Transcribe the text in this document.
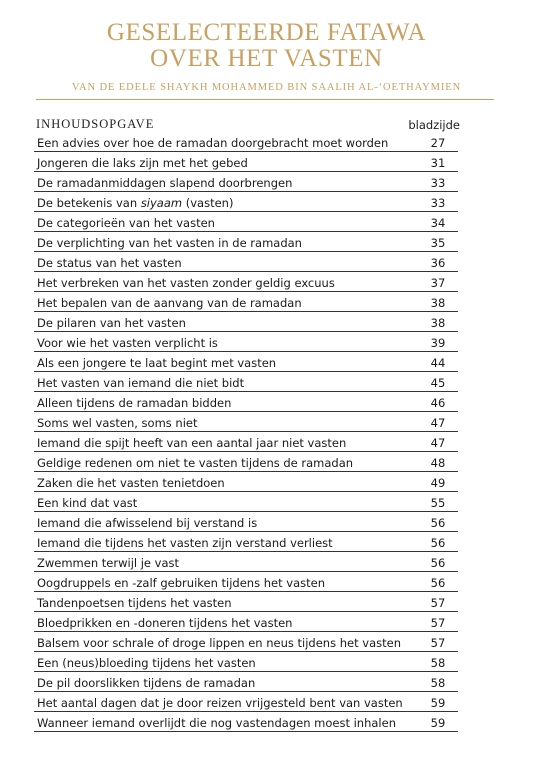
GESELECTEERDE FATAWA
OVER HET VASTEN
VAN DE EDELE SHAYKH MOHAMMED BIN SAALIH AL-‘OETHAYMIEN
INHOUDSOPGAVE	bladzijde
Een advies over hoe de ramadan doorgebracht moet worden	27
Jongeren die laks zijn met het gebed	31
De ramadanmiddagen slapend doorbrengen	33
De betekenis van siyaam (vasten)	33
De categorieën van het vasten	34
De verplichting van het vasten in de ramadan	35
De status van het vasten	36
Het verbreken van het vasten zonder geldig excuus	37
Het bepalen van de aanvang van de ramadan	38
De pilaren van het vasten	38
Voor wie het vasten verplicht is	39
Als een jongere te laat begint met vasten	44
Het vasten van iemand die niet bidt	45
Alleen tijdens de ramadan bidden	46
Soms wel vasten, soms niet	47
Iemand die spijt heeft van een aantal jaar niet vasten	47
Geldige redenen om niet te vasten tijdens de ramadan	48
Zaken die het vasten tenietdoen	49
Een kind dat vast	55
Iemand die afwisselend bij verstand is	56
Iemand die tijdens het vasten zijn verstand verliest	56
Zwemmen terwijl je vast	56
Oogdruppels en -zalf gebruiken tijdens het vasten	56
Tandenpoetsen tijdens het vasten	57
Bloedprikken en -doneren tijdens het vasten	57
Balsem voor schrale of droge lippen en neus tijdens het vasten	57
Een (neus)bloeding tijdens het vasten	58
De pil doorslikken tijdens de ramadan	58
Het aantal dagen dat je door reizen vrijgesteld bent van vasten	59
Wanneer iemand overlijdt die nog vastendagen moest inhalen	59
